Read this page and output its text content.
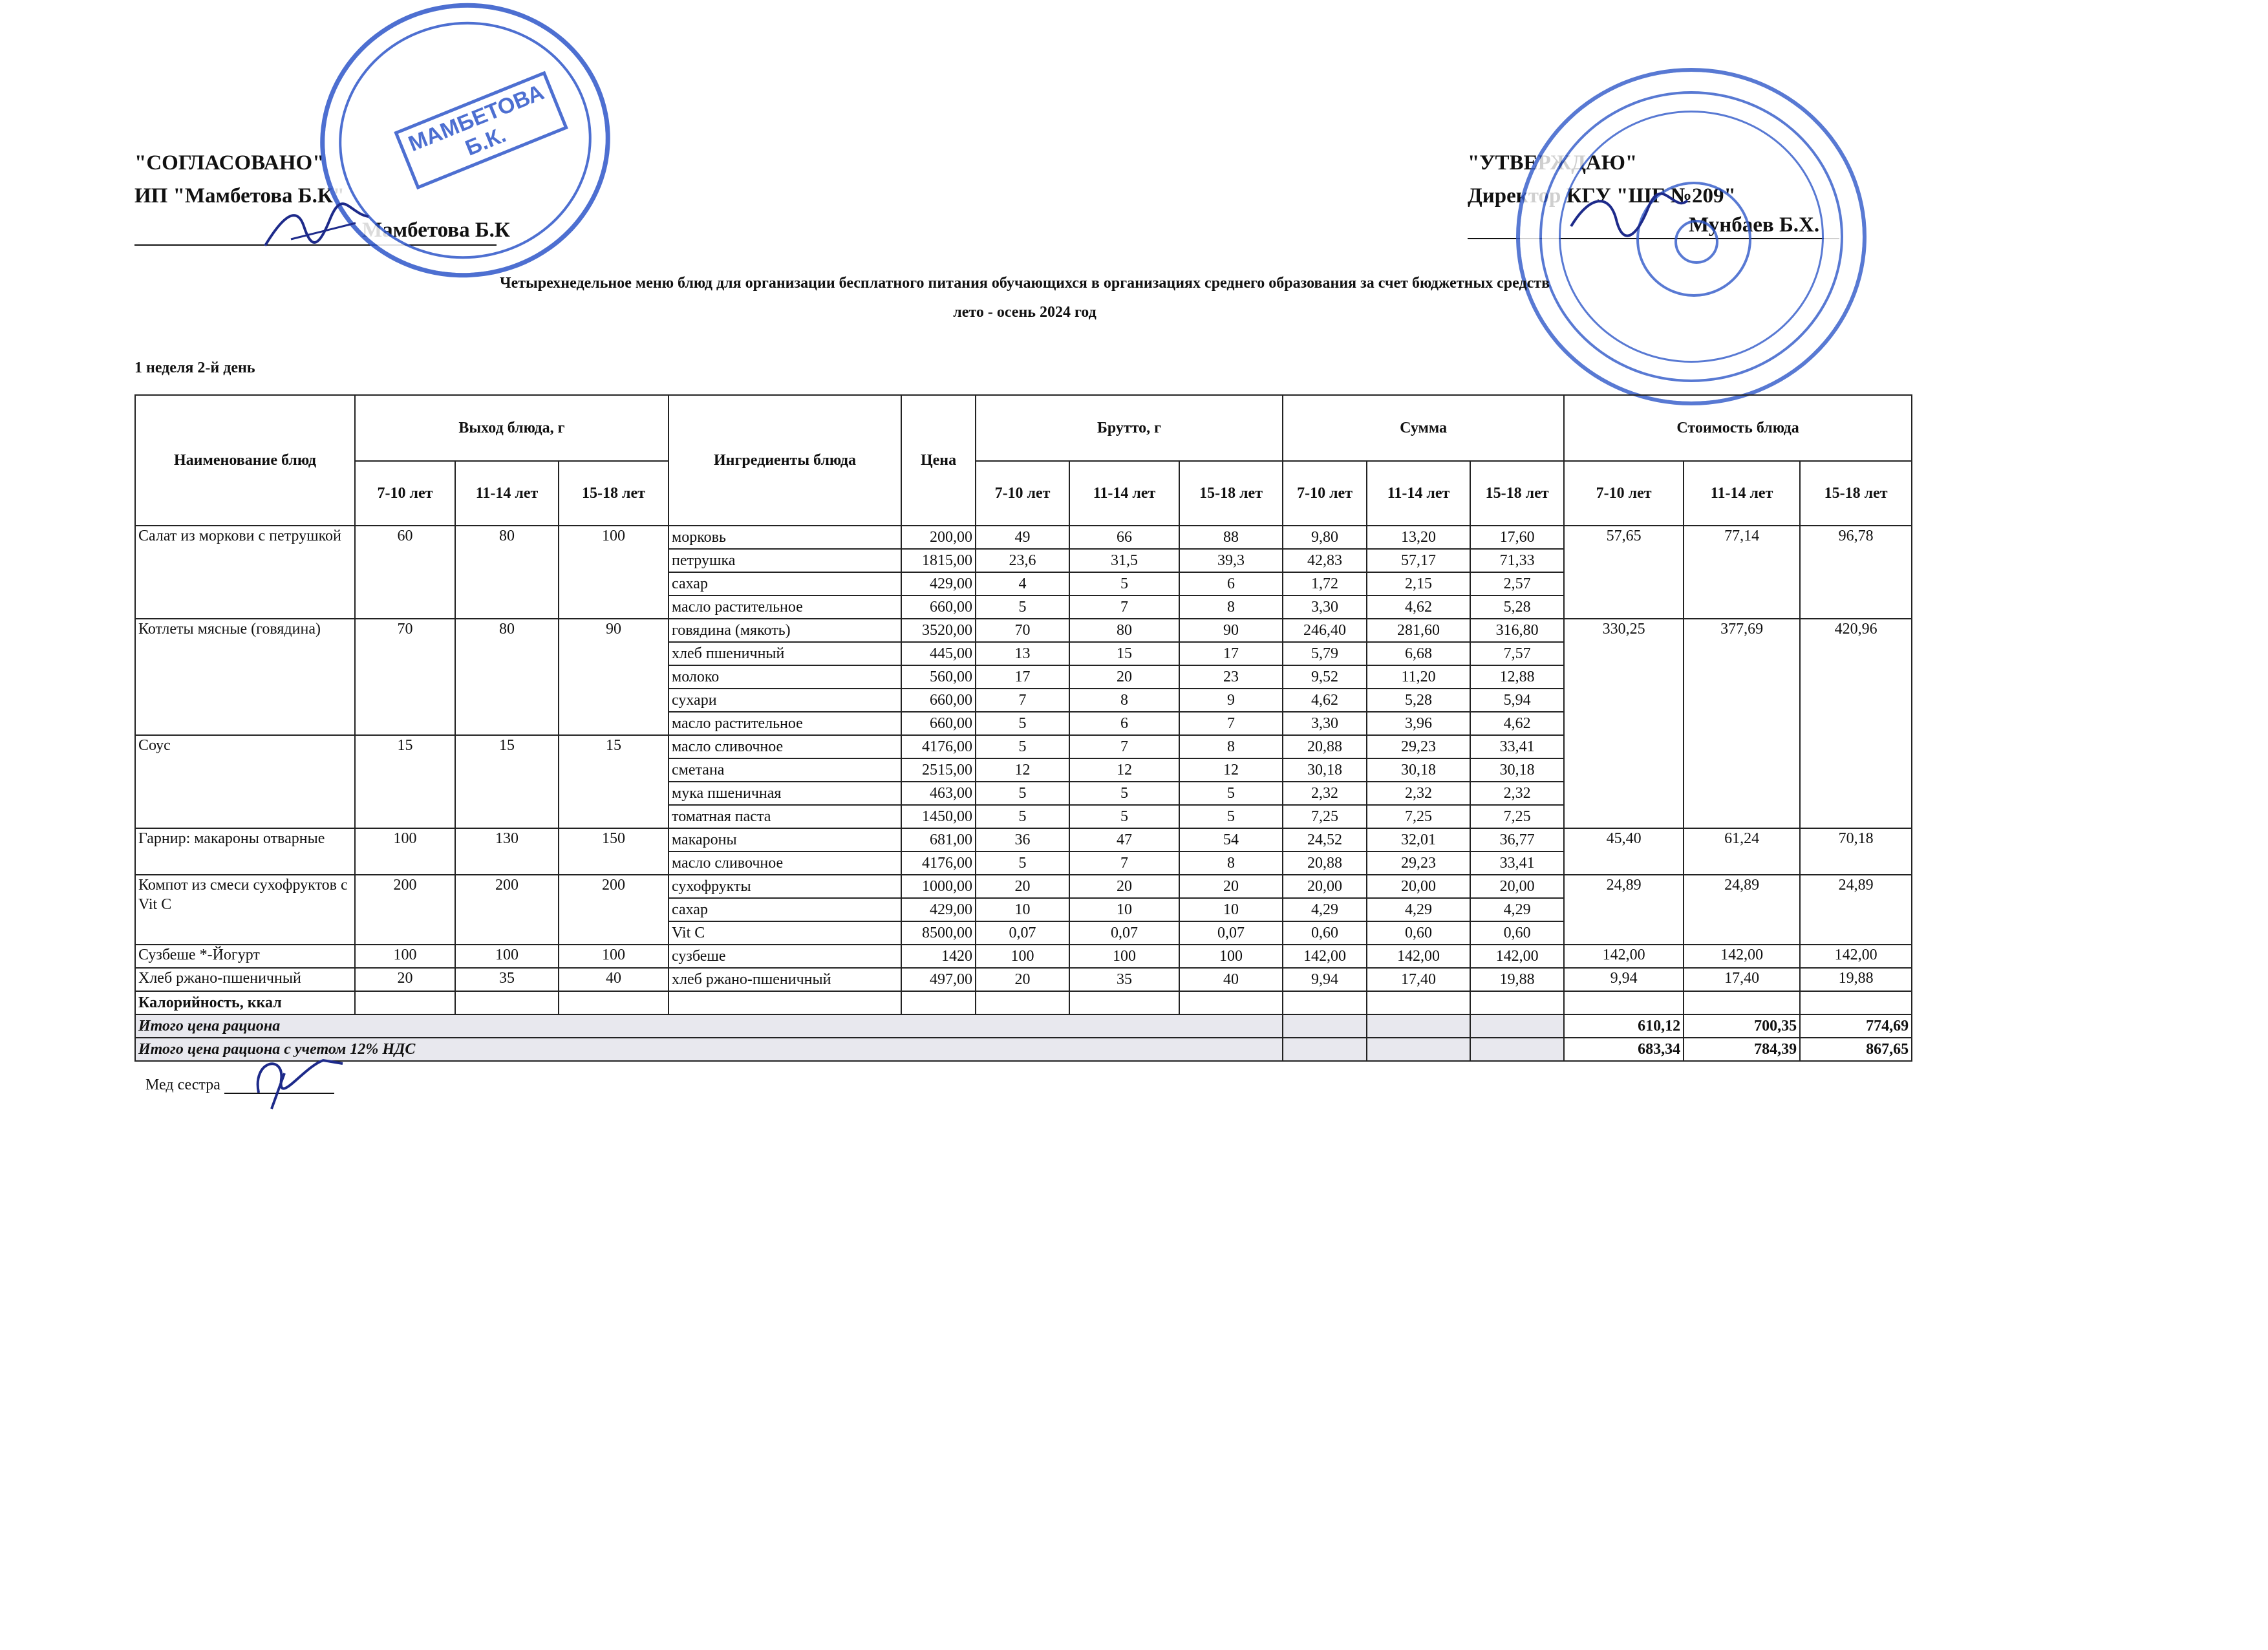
"СОГЛАСОВАНО"
ИП "Мамбетова Б.К"
Мамбетова Б.К
"УТВЕРЖДАЮ"
Директор КГУ "ШГ №209"
Мунбаев Б.Х.
МАМБЕТОВА Б.К.
Четырехнедельное меню блюд для организации бесплатного питания обучающихся в организациях среднего образования за счет бюджетных средств
лето - осень 2024 год
1 неделя 2-й день
Наименование блюд	Выход блюда, г			Ингредиенты блюда	Цена	Брутто, г			Сумма			Стоимость блюда		
	7-10 лет	11-14 лет	15-18 лет			7-10 лет	11-14 лет	15-18 лет	7-10 лет	11-14 лет	15-18 лет	7-10 лет	11-14 лет	15-18 лет
Салат из моркови с петрушкой	60	80	100	морковь	200,00	49	66	88	9,80	13,20	17,60	57,65	77,14	96,78
				петрушка	1815,00	23,6	31,5	39,3	42,83	57,17	71,33			
				сахар	429,00	4	5	6	1,72	2,15	2,57			
				масло растительное	660,00	5	7	8	3,30	4,62	5,28			
Котлеты мясные (говядина)	70	80	90	говядина (мякоть)	3520,00	70	80	90	246,40	281,60	316,80	330,25	377,69	420,96
				хлеб пшеничный	445,00	13	15	17	5,79	6,68	7,57			
				молоко	560,00	17	20	23	9,52	11,20	12,88			
				сухари	660,00	7	8	9	4,62	5,28	5,94			
				масло растительное	660,00	5	6	7	3,30	3,96	4,62			
Соус	15	15	15	масло сливочное	4176,00	5	7	8	20,88	29,23	33,41			
				сметана	2515,00	12	12	12	30,18	30,18	30,18			
				мука пшеничная	463,00	5	5	5	2,32	2,32	2,32			
				томатная паста	1450,00	5	5	5	7,25	7,25	7,25			
Гарнир: макароны отварные	100	130	150	макароны	681,00	36	47	54	24,52	32,01	36,77	45,40	61,24	70,18
				масло сливочное	4176,00	5	7	8	20,88	29,23	33,41			
Компот из смеси сухофруктов с Vit C	200	200	200	сухофрукты	1000,00	20	20	20	20,00	20,00	20,00	24,89	24,89	24,89
				сахар	429,00	10	10	10	4,29	4,29	4,29			
				Vit C	8500,00	0,07	0,07	0,07	0,60	0,60	0,60			
Сузбеше *-Йогурт	100	100	100	сузбеше	1420	100	100	100	142,00	142,00	142,00	142,00	142,00	142,00
Хлеб ржано-пшеничный	20	35	40	хлеб ржано-пшеничный	497,00	20	35	40	9,94	17,40	19,88	9,94	17,40	19,88
Калорийность, ккал														
Итого цена рациона												610,12	700,35	774,69
Итого цена рациона с учетом 12% НДС												683,34	784,39	867,65
Мед сестра
